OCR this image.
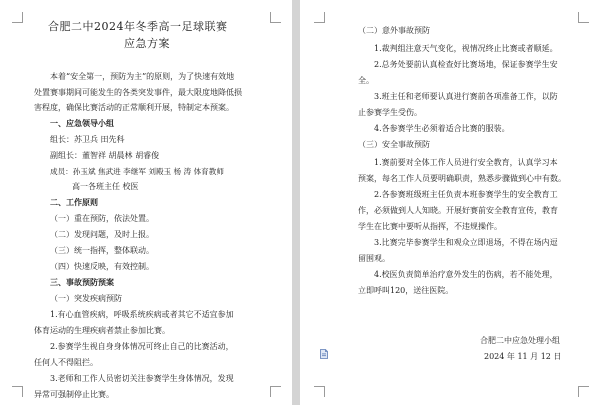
合肥二中2024年冬季高一足球联赛
应急方案
本着“安全第一，预防为主”的原则，为了快速有效地
处置赛事期间可能发生的各类突发事件，最大限度地降低损
害程度，确保比赛活动的正常顺利开展，特制定本预案。
一、应急领导小组
组长：苏卫兵 田先科
副组长：董智祥 胡晨林 胡睿俊
成员：孙玉斌 焦武进 李继军 刘殿玉 杨 涛 体育教师
高一各班主任 校医
二、工作原则
（一）重在预防，依法处置。
（二）发现问题，及时上报。
（三）统一指挥，整体联动。
（四）快速反映，有效控制。
三、事故预防预案
（一）突发疾病预防
1.有心血管疾病，呼吸系统疾病或者其它不适宜参加
体育运动的生理疾病者禁止参加比赛。
2.参赛学生视自身身体情况可终止自己的比赛活动，
任何人不得阻拦。
3.老师和工作人员密切关注参赛学生身体情况，发现
异常可强制停止比赛。
（二）意外事故预防
1.裁判组注意天气变化，视情况终止比赛或者顺延。
2.总务处要前认真检查好比赛场地，保证参赛学生安
全。
3.班主任和老师要认真进行赛前各项准备工作，以防
止参赛学生受伤。
4.各参赛学生必须着适合比赛的服装。
（三）安全事故预防
1.赛前要对全体工作人员进行安全教育，认真学习本
预案，每名工作人员要明确职责，熟悉步骤做到心中有数。
2.各参赛班级班主任负责本班参赛学生的安全教育工
作，必须做到人人知晓。开展好赛前安全教育宣传，教育
学生在比赛中要听从指挥，不违规操作。
3.比赛完毕参赛学生和观众立即退场，不得在场内逗
留围观。
4.校医负责简单治疗意外发生的伤病，若不能处理，
立即呼叫120，送往医院。
合肥二中应急处理小组
2024 年 11 月 12 日
